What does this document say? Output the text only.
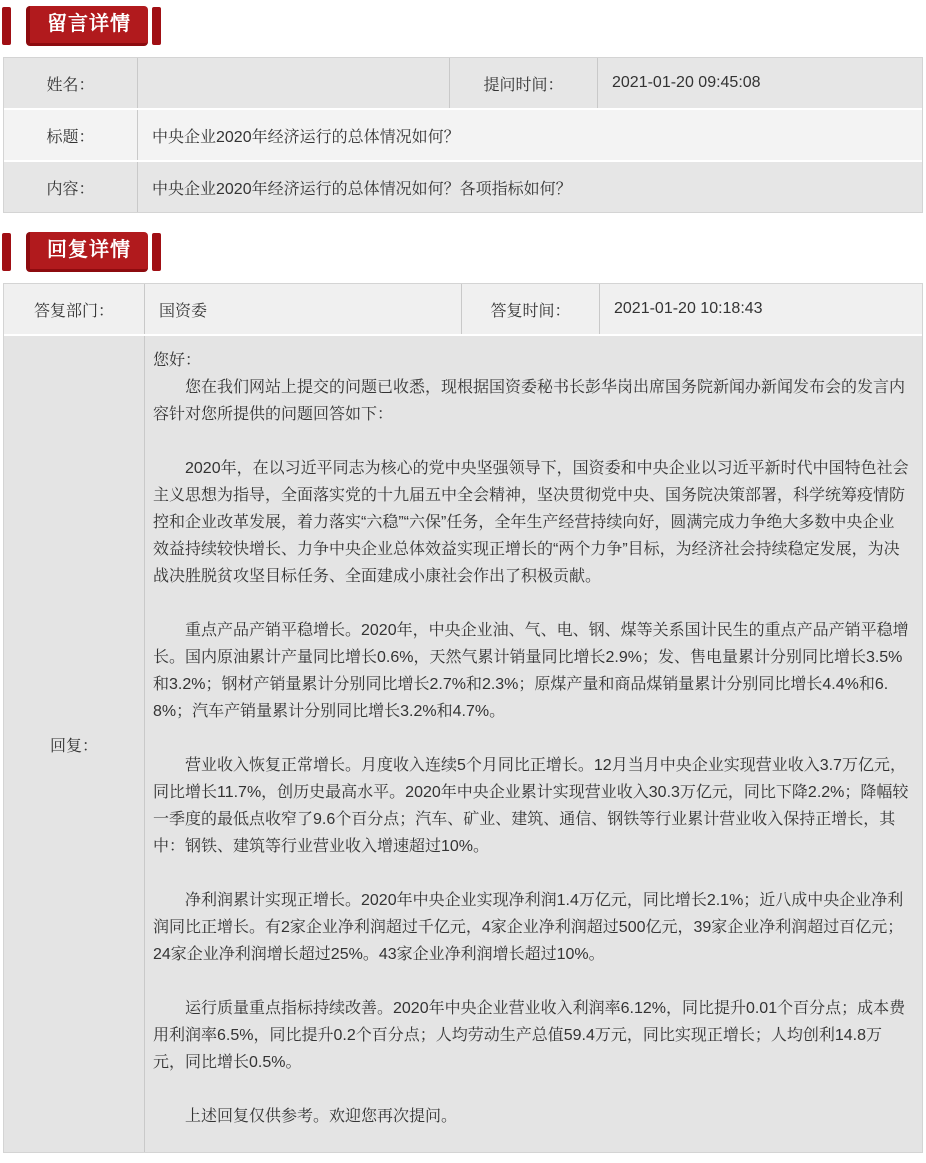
留言详情
姓名：	提问时间：	2021-01-20 09:45:08
标题：	中央企业2020年经济运行的总体情况如何？
内容：	中央企业2020年经济运行的总体情况如何？各项指标如何？
回复详情
答复部门：	国资委	答复时间：	2021-01-20 10:18:43
回复：

您好：

　　您在我们网站上提交的问题已收悉，现根据国资委秘书长彭华岗出席国务院新闻办新闻发布会的发言内容针对您所提供的问题回答如下：

　　2020年，在以习近平同志为核心的党中央坚强领导下，国资委和中央企业以习近平新时代中国特色社会主义思想为指导，全面落实党的十九届五中全会精神，坚决贯彻党中央、国务院决策部署，科学统筹疫情防控和企业改革发展，着力落实“六稳”“六保”任务，全年生产经营持续向好，圆满完成力争绝大多数中央企业效益持续较快增长、力争中央企业总体效益实现正增长的“两个力争”目标，为经济社会持续稳定发展，为决战决胜脱贫攻坚目标任务、全面建成小康社会作出了积极贡献。

　　重点产品产销平稳增长。2020年，中央企业油、气、电、钢、煤等关系国计民生的重点产品产销平稳增长。国内原油累计产量同比增长0.6%，天然气累计销量同比增长2.9%；发、售电量累计分别同比增长3.5%和3.2%；钢材产销量累计分别同比增长2.7%和2.3%；原煤产量和商品煤销量累计分别同比增长4.4%和6.8%；汽车产销量累计分别同比增长3.2%和4.7%。

　　营业收入恢复正常增长。月度收入连续5个月同比正增长。12月当月中央企业实现营业收入3.7万亿元，同比增长11.7%，创历史最高水平。2020年中央企业累计实现营业收入30.3万亿元，同比下降2.2%；降幅较一季度的最低点收窄了9.6个百分点；汽车、矿业、建筑、通信、钢铁等行业累计营业收入保持正增长，其中：钢铁、建筑等行业营业收入增速超过10%。

　　净利润累计实现正增长。2020年中央企业实现净利润1.4万亿元，同比增长2.1%；近八成中央企业净利润同比正增长。有2家企业净利润超过千亿元，4家企业净利润超过500亿元，39家企业净利润超过百亿元；24家企业净利润增长超过25%。43家企业净利润增长超过10%。

　　运行质量重点指标持续改善。2020年中央企业营业收入利润率6.12%，同比提升0.01个百分点；成本费用利润率6.5%，同比提升0.2个百分点；人均劳动生产总值59.4万元，同比实现正增长；人均创利14.8万元，同比增长0.5%。

　　上述回复仅供参考。欢迎您再次提问。
